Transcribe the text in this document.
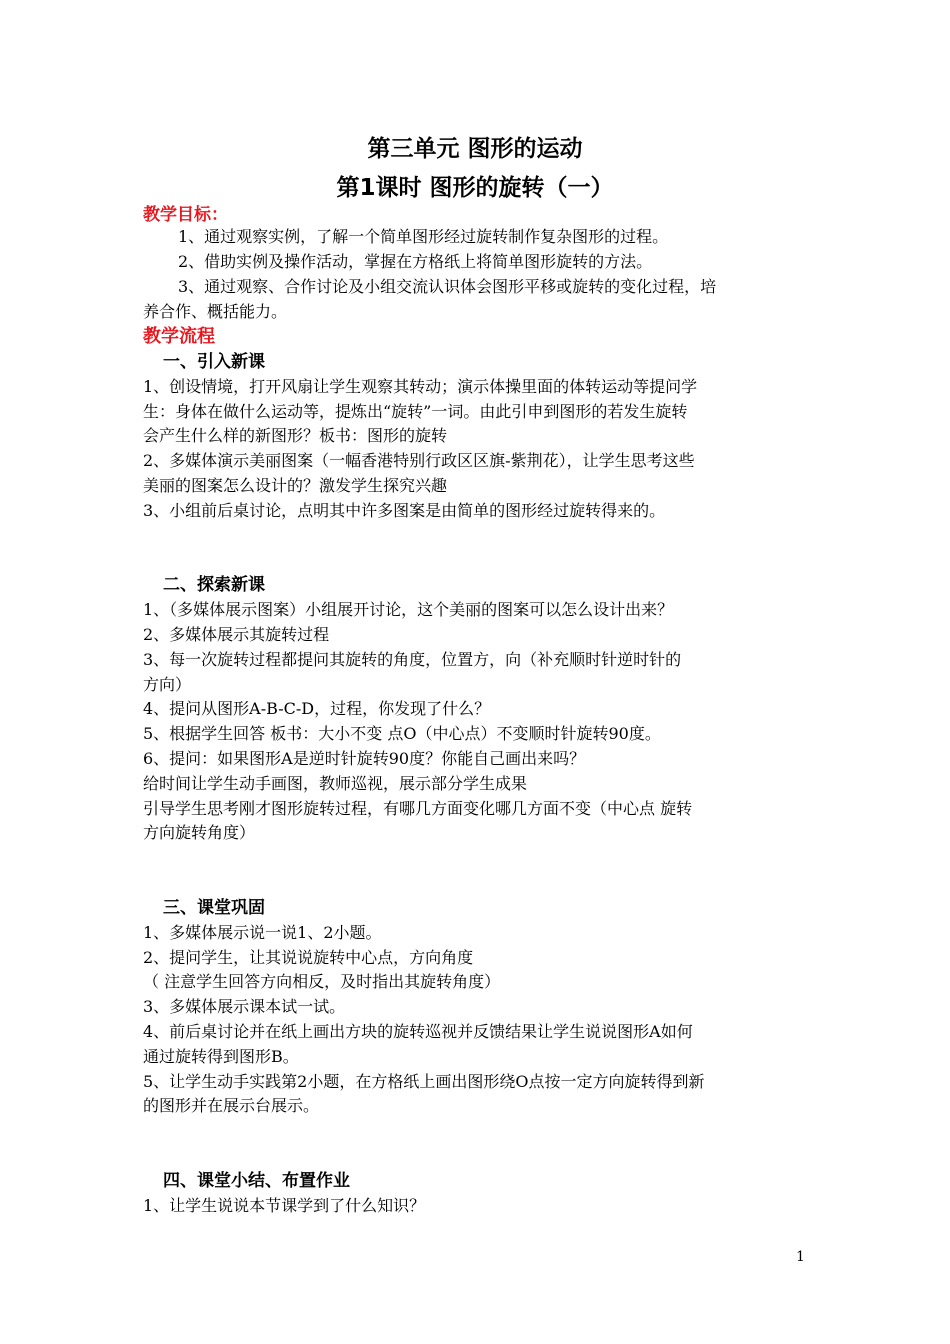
第三单元 图形的运动
第1课时 图形的旋转（一）
教学目标：
1、通过观察实例，了解一个简单图形经过旋转制作复杂图形的过程。
2、借助实例及操作活动，掌握在方格纸上将简单图形旋转的方法。
3、通过观察、合作讨论及小组交流认识体会图形平移或旋转的变化过程，培
养合作、概括能力。
教学流程
一、引入新课
1、创设情境，打开风扇让学生观察其转动；演示体操里面的体转运动等提问学
生：身体在做什么运动等，提炼出“旋转”一词。由此引申到图形的若发生旋转
会产生什么样的新图形？板书：图形的旋转
2、多媒体演示美丽图案（一幅香港特别行政区区旗-紫荆花），让学生思考这些
美丽的图案怎么设计的？激发学生探究兴趣
3、小组前后桌讨论，点明其中许多图案是由简单的图形经过旋转得来的。
二、探索新课
1、（多媒体展示图案）小组展开讨论，这个美丽的图案可以怎么设计出来？
2、多媒体展示其旋转过程
3、每一次旋转过程都提问其旋转的角度，位置方，向（补充顺时针逆时针的
方向）
4、提问从图形A-B-C-D，过程，你发现了什么？
5、根据学生回答 板书：大小不变 点O（中心点）不变顺时针旋转90度。
6、提问：如果图形A是逆时针旋转90度？你能自己画出来吗？
给时间让学生动手画图，教师巡视，展示部分学生成果
引导学生思考刚才图形旋转过程，有哪几方面变化哪几方面不变（中心点 旋转
方向旋转角度）
三、课堂巩固
1、多媒体展示说一说1、2小题。
2、提问学生，让其说说旋转中心点，方向角度
（ 注意学生回答方向相反，及时指出其旋转角度）
3、多媒体展示课本试一试。
4、前后桌讨论并在纸上画出方块的旋转巡视并反馈结果让学生说说图形A如何
通过旋转得到图形B。
5、让学生动手实践第2小题，在方格纸上画出图形绕O点按一定方向旋转得到新
的图形并在展示台展示。
四、课堂小结、布置作业
1、让学生说说本节课学到了什么知识？
1
